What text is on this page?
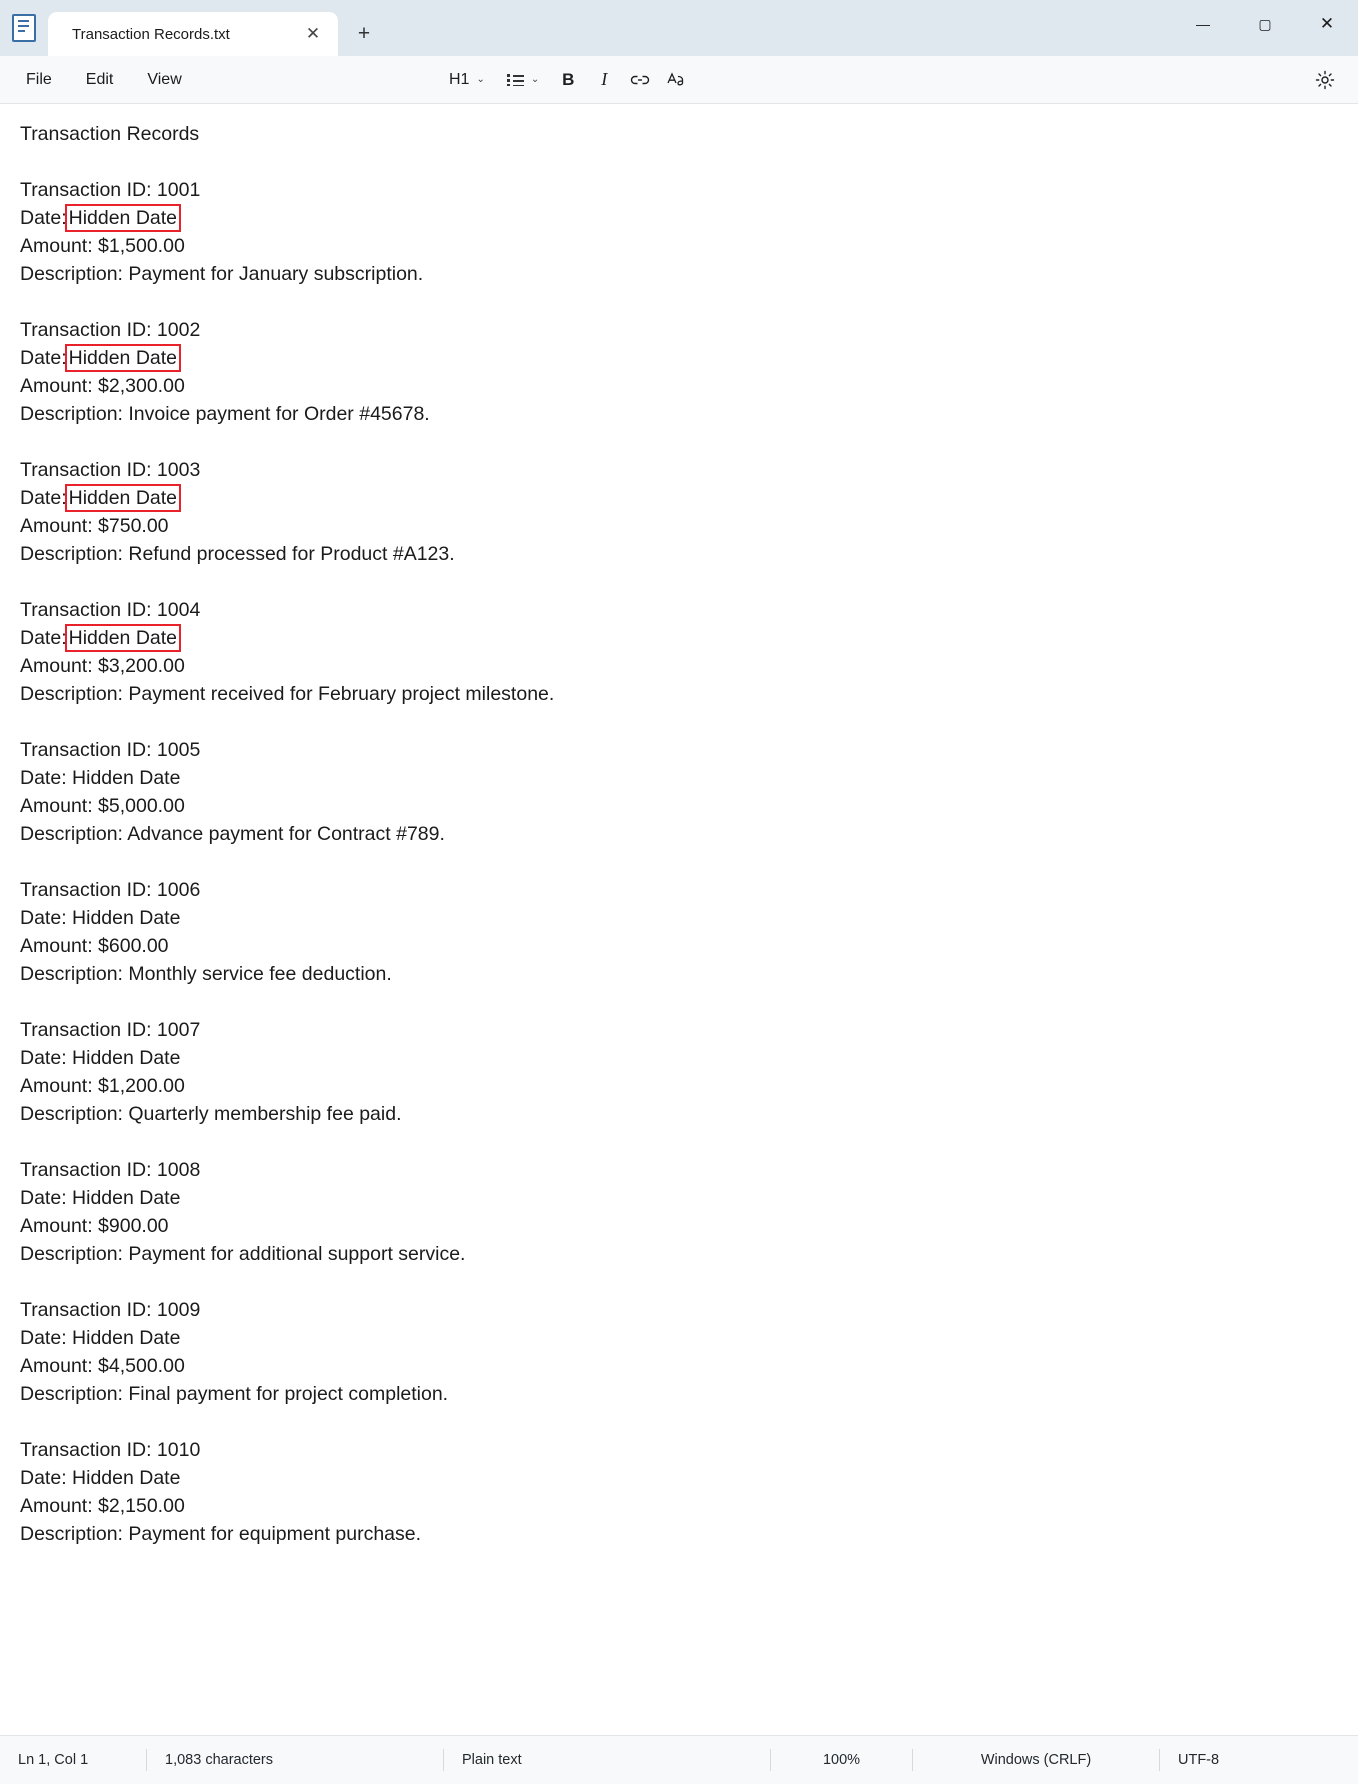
Transaction Records.txt	✕	+	—	▢	✕
File	Edit	View	H1 ⌄	⌄	B	I
Transaction Records

Transaction ID: 1001
Date: Hidden Date
Amount: $1,500.00
Description: Payment for January subscription.

Transaction ID: 1002
Date: Hidden Date
Amount: $2,300.00
Description: Invoice payment for Order #45678.

Transaction ID: 1003
Date: Hidden Date
Amount: $750.00
Description: Refund processed for Product #A123.

Transaction ID: 1004
Date: Hidden Date
Amount: $3,200.00
Description: Payment received for February project milestone.

Transaction ID: 1005
Date: Hidden Date
Amount: $5,000.00
Description: Advance payment for Contract #789.

Transaction ID: 1006
Date: Hidden Date
Amount: $600.00
Description: Monthly service fee deduction.

Transaction ID: 1007
Date: Hidden Date
Amount: $1,200.00
Description: Quarterly membership fee paid.

Transaction ID: 1008
Date: Hidden Date
Amount: $900.00
Description: Payment for additional support service.

Transaction ID: 1009
Date: Hidden Date
Amount: $4,500.00
Description: Final payment for project completion.

Transaction ID: 1010
Date: Hidden Date
Amount: $2,150.00
Description: Payment for equipment purchase.
Ln 1, Col 1	1,083 characters	Plain text	100%	Windows (CRLF)	UTF-8
